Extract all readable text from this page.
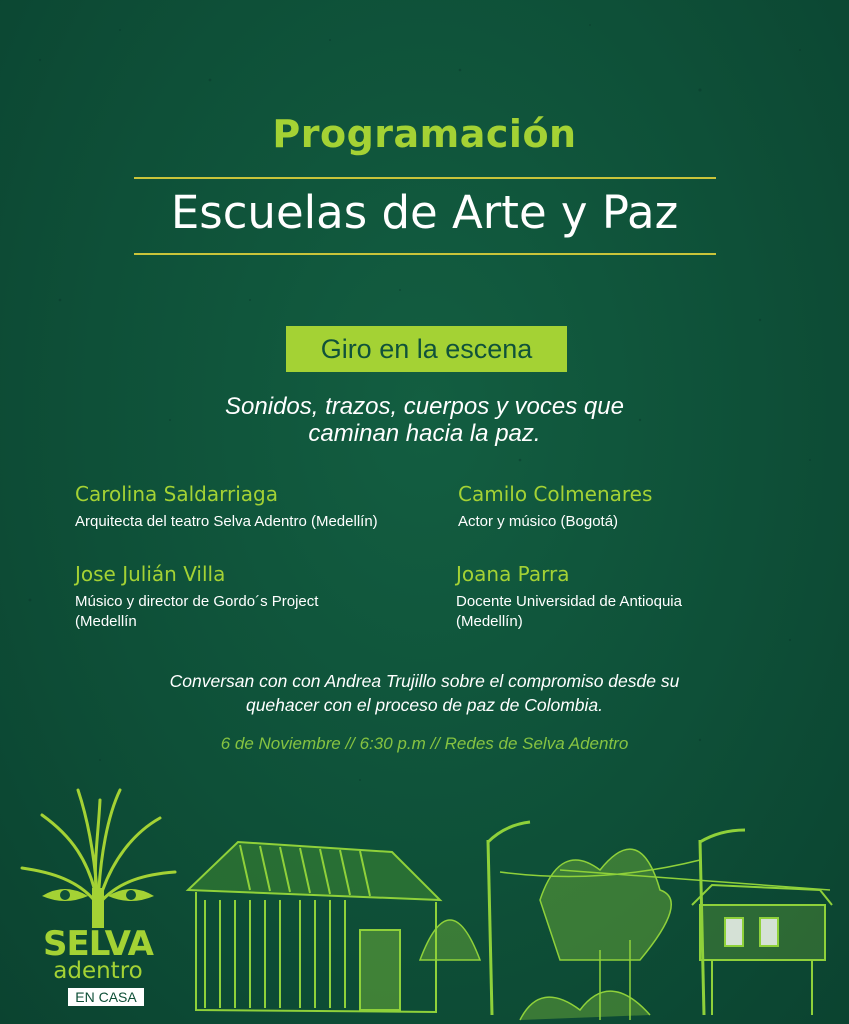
Programación
Escuelas de Arte y Paz
Giro en la escena
Sonidos, trazos, cuerpos y voces que
caminan hacia la paz.
Carolina Saldarriaga
Arquitecta del teatro Selva Adentro (Medellín)
Camilo Colmenares
Actor y músico (Bogotá)
Jose Julián Villa
Músico y director de Gordo´s Project
(Medellín
Joana Parra
Docente Universidad de Antioquia
(Medellín)
Conversan con con Andrea Trujillo sobre el compromiso desde su
quehacer con el proceso de paz de Colombia.
6 de Noviembre // 6:30 p.m // Redes de Selva Adentro
SELVA
adentro
EN CASA
